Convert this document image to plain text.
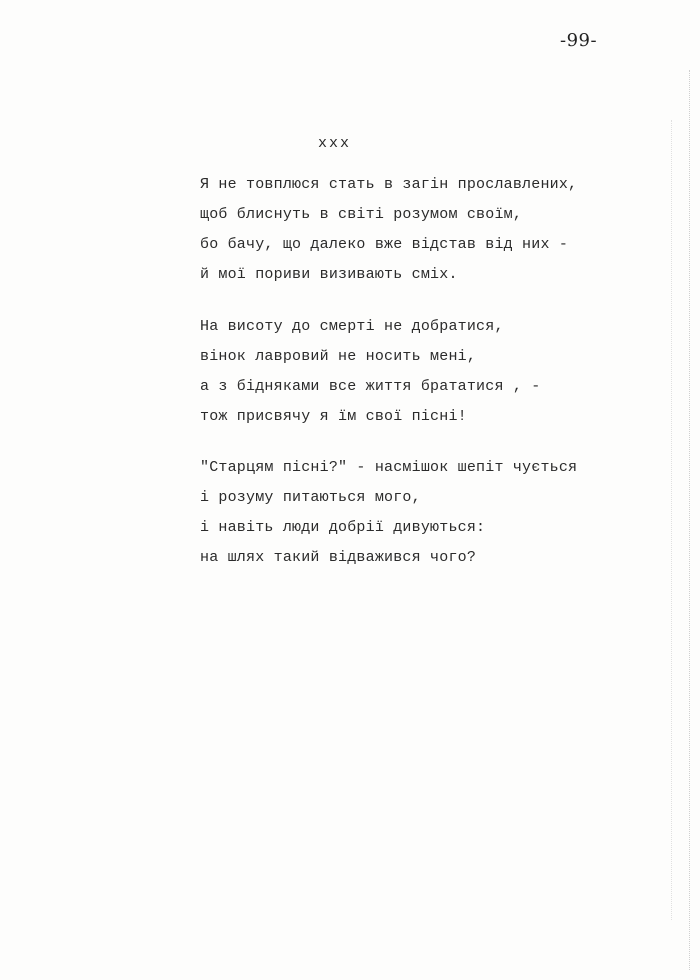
-99-
xxx
Я не товплюся стать в загін прославлених,
щоб блиснуть в світі розумом своїм,
бо бачу, що далеко вже відстав від них -
й мої пориви визивають сміх.
На висоту до смерті не добратися,
вінок лавровий не носить мені,
а з бідняками все життя брататися , -
тож присвячу я їм свої пісні!
"Старцям пісні?" - насмішок шепіт чується
і розуму питаються мого,
і навіть люди добрії дивуються:
на шлях такий відважився чого?
